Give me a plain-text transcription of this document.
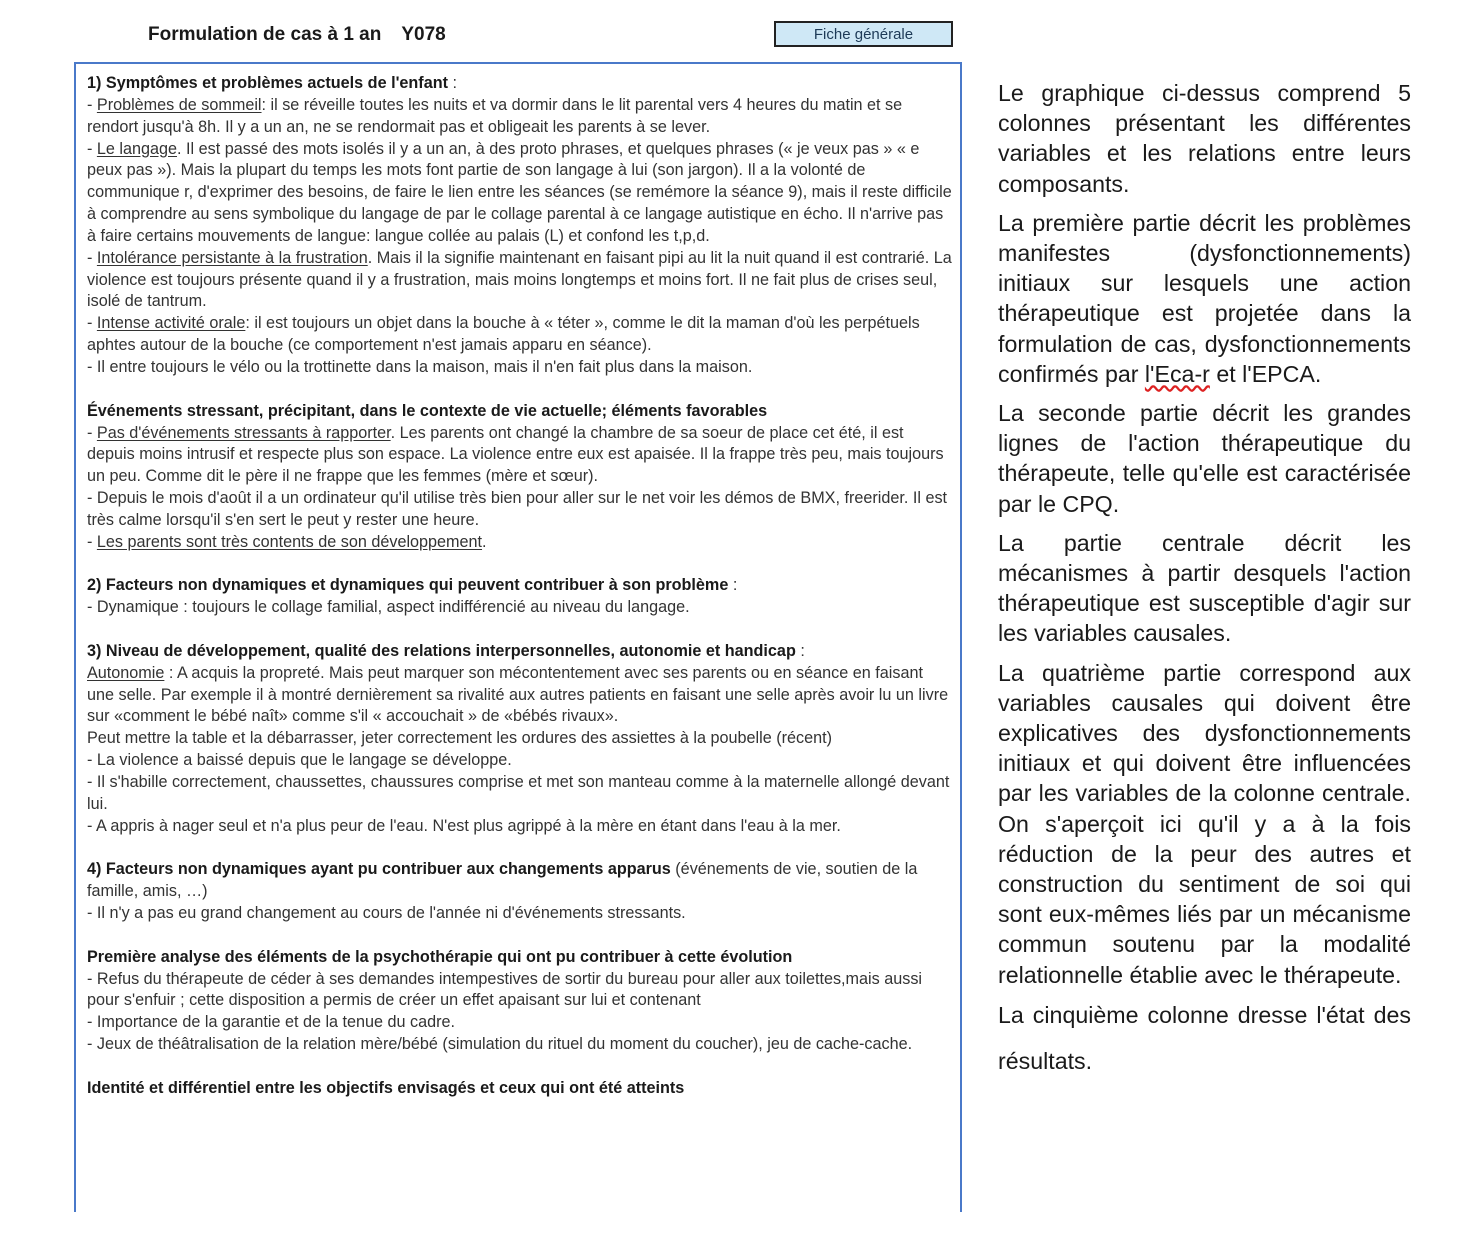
Formulation de cas à 1 an Y078	Fiche générale
1) Symptômes et problèmes actuels de l'enfant :
- Problèmes de sommeil: il se réveille toutes les nuits et va dormir dans le lit parental vers 4 heures du matin et se rendort jusqu'à 8h. Il y a un an, ne se rendormait pas et obligeait les parents à se lever.
- Le langage. Il est passé des mots isolés il y a un an, à des proto phrases, et quelques phrases (« je veux pas » « e peux pas »). Mais la plupart du temps les mots font partie de son langage à lui (son jargon). Il a la volonté de communique r, d'exprimer des besoins, de faire le lien entre les séances (se remémore la séance 9), mais il reste difficile à comprendre au sens symbolique du langage de par le collage parental à ce langage autistique en écho. Il n'arrive pas à faire certains mouvements de langue: langue collée au palais (L) et confond les t,p,d.
- Intolérance persistante à la frustration. Mais il la signifie maintenant en faisant pipi au lit la nuit quand il est contrarié. La violence est toujours présente quand il y a frustration, mais moins longtemps et moins fort. Il ne fait plus de crises seul, isolé de tantrum.
- Intense activité orale: il est toujours un objet dans la bouche à « téter », comme le dit la maman d'où les perpétuels aphtes autour de la bouche (ce comportement n'est jamais apparu en séance).
- Il entre toujours le vélo ou la trottinette dans la maison, mais il n'en fait plus dans la maison.
Événements stressant, précipitant, dans le contexte de vie actuelle; éléments favorables
- Pas d'événements stressants à rapporter. Les parents ont changé la chambre de sa soeur de place cet été, il est depuis moins intrusif et respecte plus son espace. La violence entre eux est apaisée. Il la frappe très peu, mais toujours un peu. Comme dit le père il ne frappe que les femmes (mère et sœur).
- Depuis le mois d'août il a un ordinateur qu'il utilise très bien pour aller sur le net voir les démos de BMX, freerider. Il est très calme lorsqu'il s'en sert le peut y rester une heure.
- Les parents sont très contents de son développement.
2) Facteurs non dynamiques et dynamiques qui peuvent contribuer à son problème :
- Dynamique : toujours le collage familial, aspect indifférencié au niveau du langage.
3) Niveau de développement, qualité des relations interpersonnelles, autonomie et handicap :
Autonomie : A acquis la propreté. Mais peut marquer son mécontentement avec ses parents ou en séance en faisant une selle. Par exemple il à montré dernièrement sa rivalité aux autres patients en faisant une selle après avoir lu un livre sur «comment le bébé naît» comme s'il « accouchait » de «bébés rivaux».
Peut mettre la table et la débarrasser, jeter correctement les ordures des assiettes à la poubelle (récent)
- La violence a baissé depuis que le langage se développe.
- Il s'habille correctement, chaussettes, chaussures comprise et met son manteau comme à la maternelle allongé devant lui.
- A appris à nager seul et n'a plus peur de l'eau. N'est plus agrippé à la mère en étant dans l'eau à la mer.
4) Facteurs non dynamiques ayant pu contribuer aux changements apparus (événements de vie, soutien de la famille, amis, …)
- Il n'y a pas eu grand changement au cours de l'année ni d'événements stressants.
Première analyse des éléments de la psychothérapie qui ont pu contribuer à cette évolution
- Refus du thérapeute de céder à ses demandes intempestives de sortir du bureau pour aller aux toilettes,mais aussi pour s'enfuir ; cette disposition a permis de créer un effet apaisant sur lui et contenant
- Importance de la garantie et de la tenue du cadre.
- Jeux de théâtralisation de la relation mère/bébé (simulation du rituel du moment du coucher), jeu de cache-cache.
Identité et différentiel entre les objectifs envisagés et ceux qui ont été atteints

Le graphique ci-dessus comprend 5 colonnes présentant les différentes variables et les relations entre leurs composants.

La première partie décrit les problèmes manifestes (dysfonctionnements) initiaux sur lesquels une action thérapeutique est projetée dans la formulation de cas, dysfonctionnements confirmés par l'Eca-r et l'EPCA.

La seconde partie décrit les grandes lignes de l'action thérapeutique du thérapeute, telle qu'elle est caractérisée par le CPQ.

La partie centrale décrit les mécanismes à partir desquels l'action thérapeutique est susceptible d'agir sur les variables causales.

La quatrième partie correspond aux variables causales qui doivent être explicatives des dysfonctionnements initiaux et qui doivent être influencées par les variables de la colonne centrale. On s'aperçoit ici qu'il y a à la fois réduction de la peur des autres et construction du sentiment de soi qui sont eux-mêmes liés par un mécanisme commun soutenu par la modalité relationnelle établie avec le thérapeute.

La cinquième colonne dresse l'état des résultats.
